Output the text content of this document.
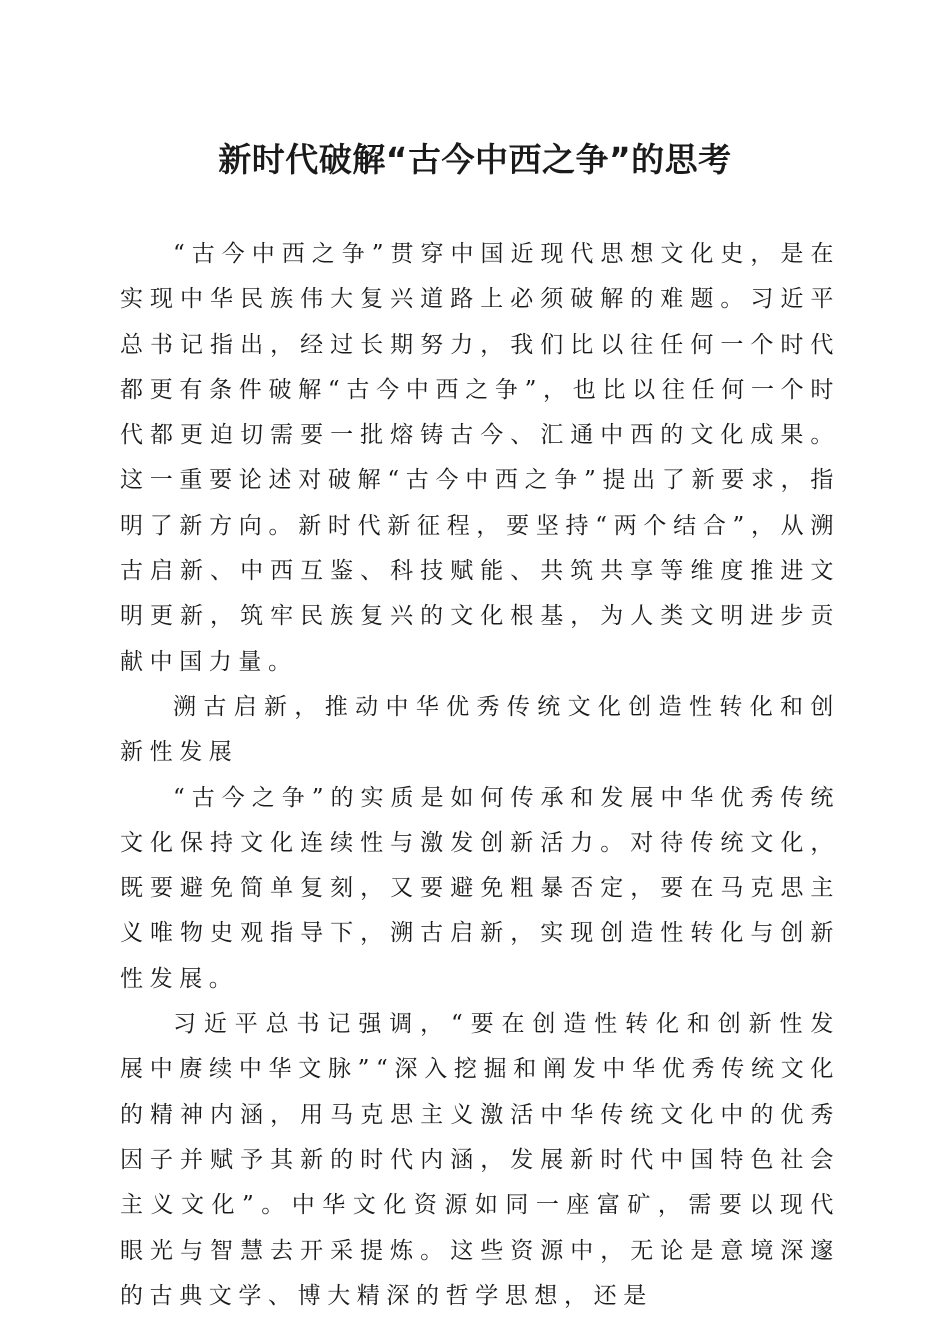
新时代破解“古今中西之争”的思考

“古今中西之争”贯穿中国近现代思想文化史，是在实现中华民族伟大复兴道路上必须破解的难题。习近平总书记指出，经过长期努力，我们比以往任何一个时代都更有条件破解“古今中西之争”，也比以往任何一个时代都更迫切需要一批熔铸古今、汇通中西的文化成果。这一重要论述对破解“古今中西之争”提出了新要求，指明了新方向。新时代新征程，要坚持“两个结合”，从溯古启新、中西互鉴、科技赋能、共筑共享等维度推进文明更新，筑牢民族复兴的文化根基，为人类文明进步贡献中国力量。

溯古启新，推动中华优秀传统文化创造性转化和创新性发展

“古今之争”的实质是如何传承和发展中华优秀传统文化保持文化连续性与激发创新活力。对待传统文化，既要避免简单复刻，又要避免粗暴否定，要在马克思主义唯物史观指导下，溯古启新，实现创造性转化与创新性发展。

习近平总书记强调，“要在创造性转化和创新性发展中赓续中华文脉”“深入挖掘和阐发中华优秀传统文化的精神内涵，用马克思主义激活中华传统文化中的优秀因子并赋予其新的时代内涵，发展新时代中国特色社会主义文化”。中华文化资源如同一座富矿，需要以现代眼光与智慧去开采提炼。这些资源中，无论是意境深邃的古典文学、博大精深的哲学思想，还是
